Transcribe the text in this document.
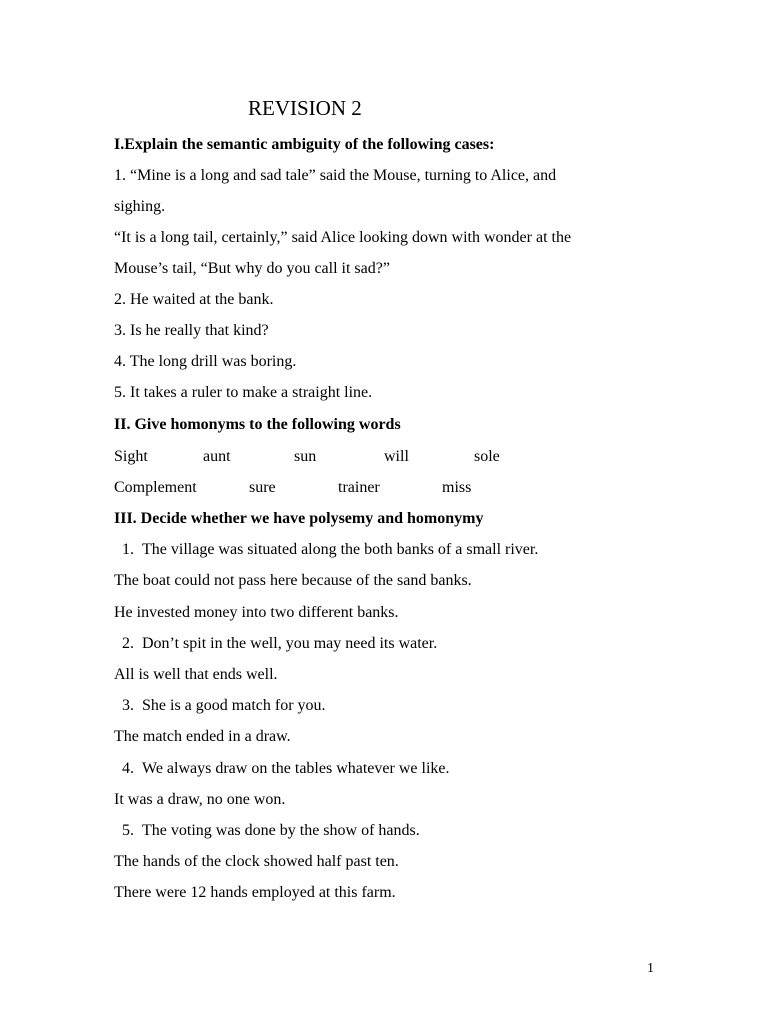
REVISION 2
I.Explain the semantic ambiguity of the following cases:
1. “Mine is a long and sad tale” said the Mouse, turning to Alice, and
sighing.
“It is a long tail, certainly,” said Alice looking down with wonder at the
Mouse’s tail, “But why do you call it sad?”
2. He waited at the bank.
3. Is he really that kind?
4. The long drill was boring.
5. It takes a ruler to make a straight line.
II. Give homonyms to the following words
Sight	aunt	sun	will	sole
Complement	sure	trainer	miss
III. Decide whether we have polysemy and homonymy
1. The village was situated along the both banks of a small river.
The boat could not pass here because of the sand banks.
He invested money into two different banks.
2. Don’t spit in the well, you may need its water.
All is well that ends well.
3. She is a good match for you.
The match ended in a draw.
4. We always draw on the tables whatever we like.
It was a draw, no one won.
5. The voting was done by the show of hands.
The hands of the clock showed half past ten.
There were 12 hands employed at this farm.
1
